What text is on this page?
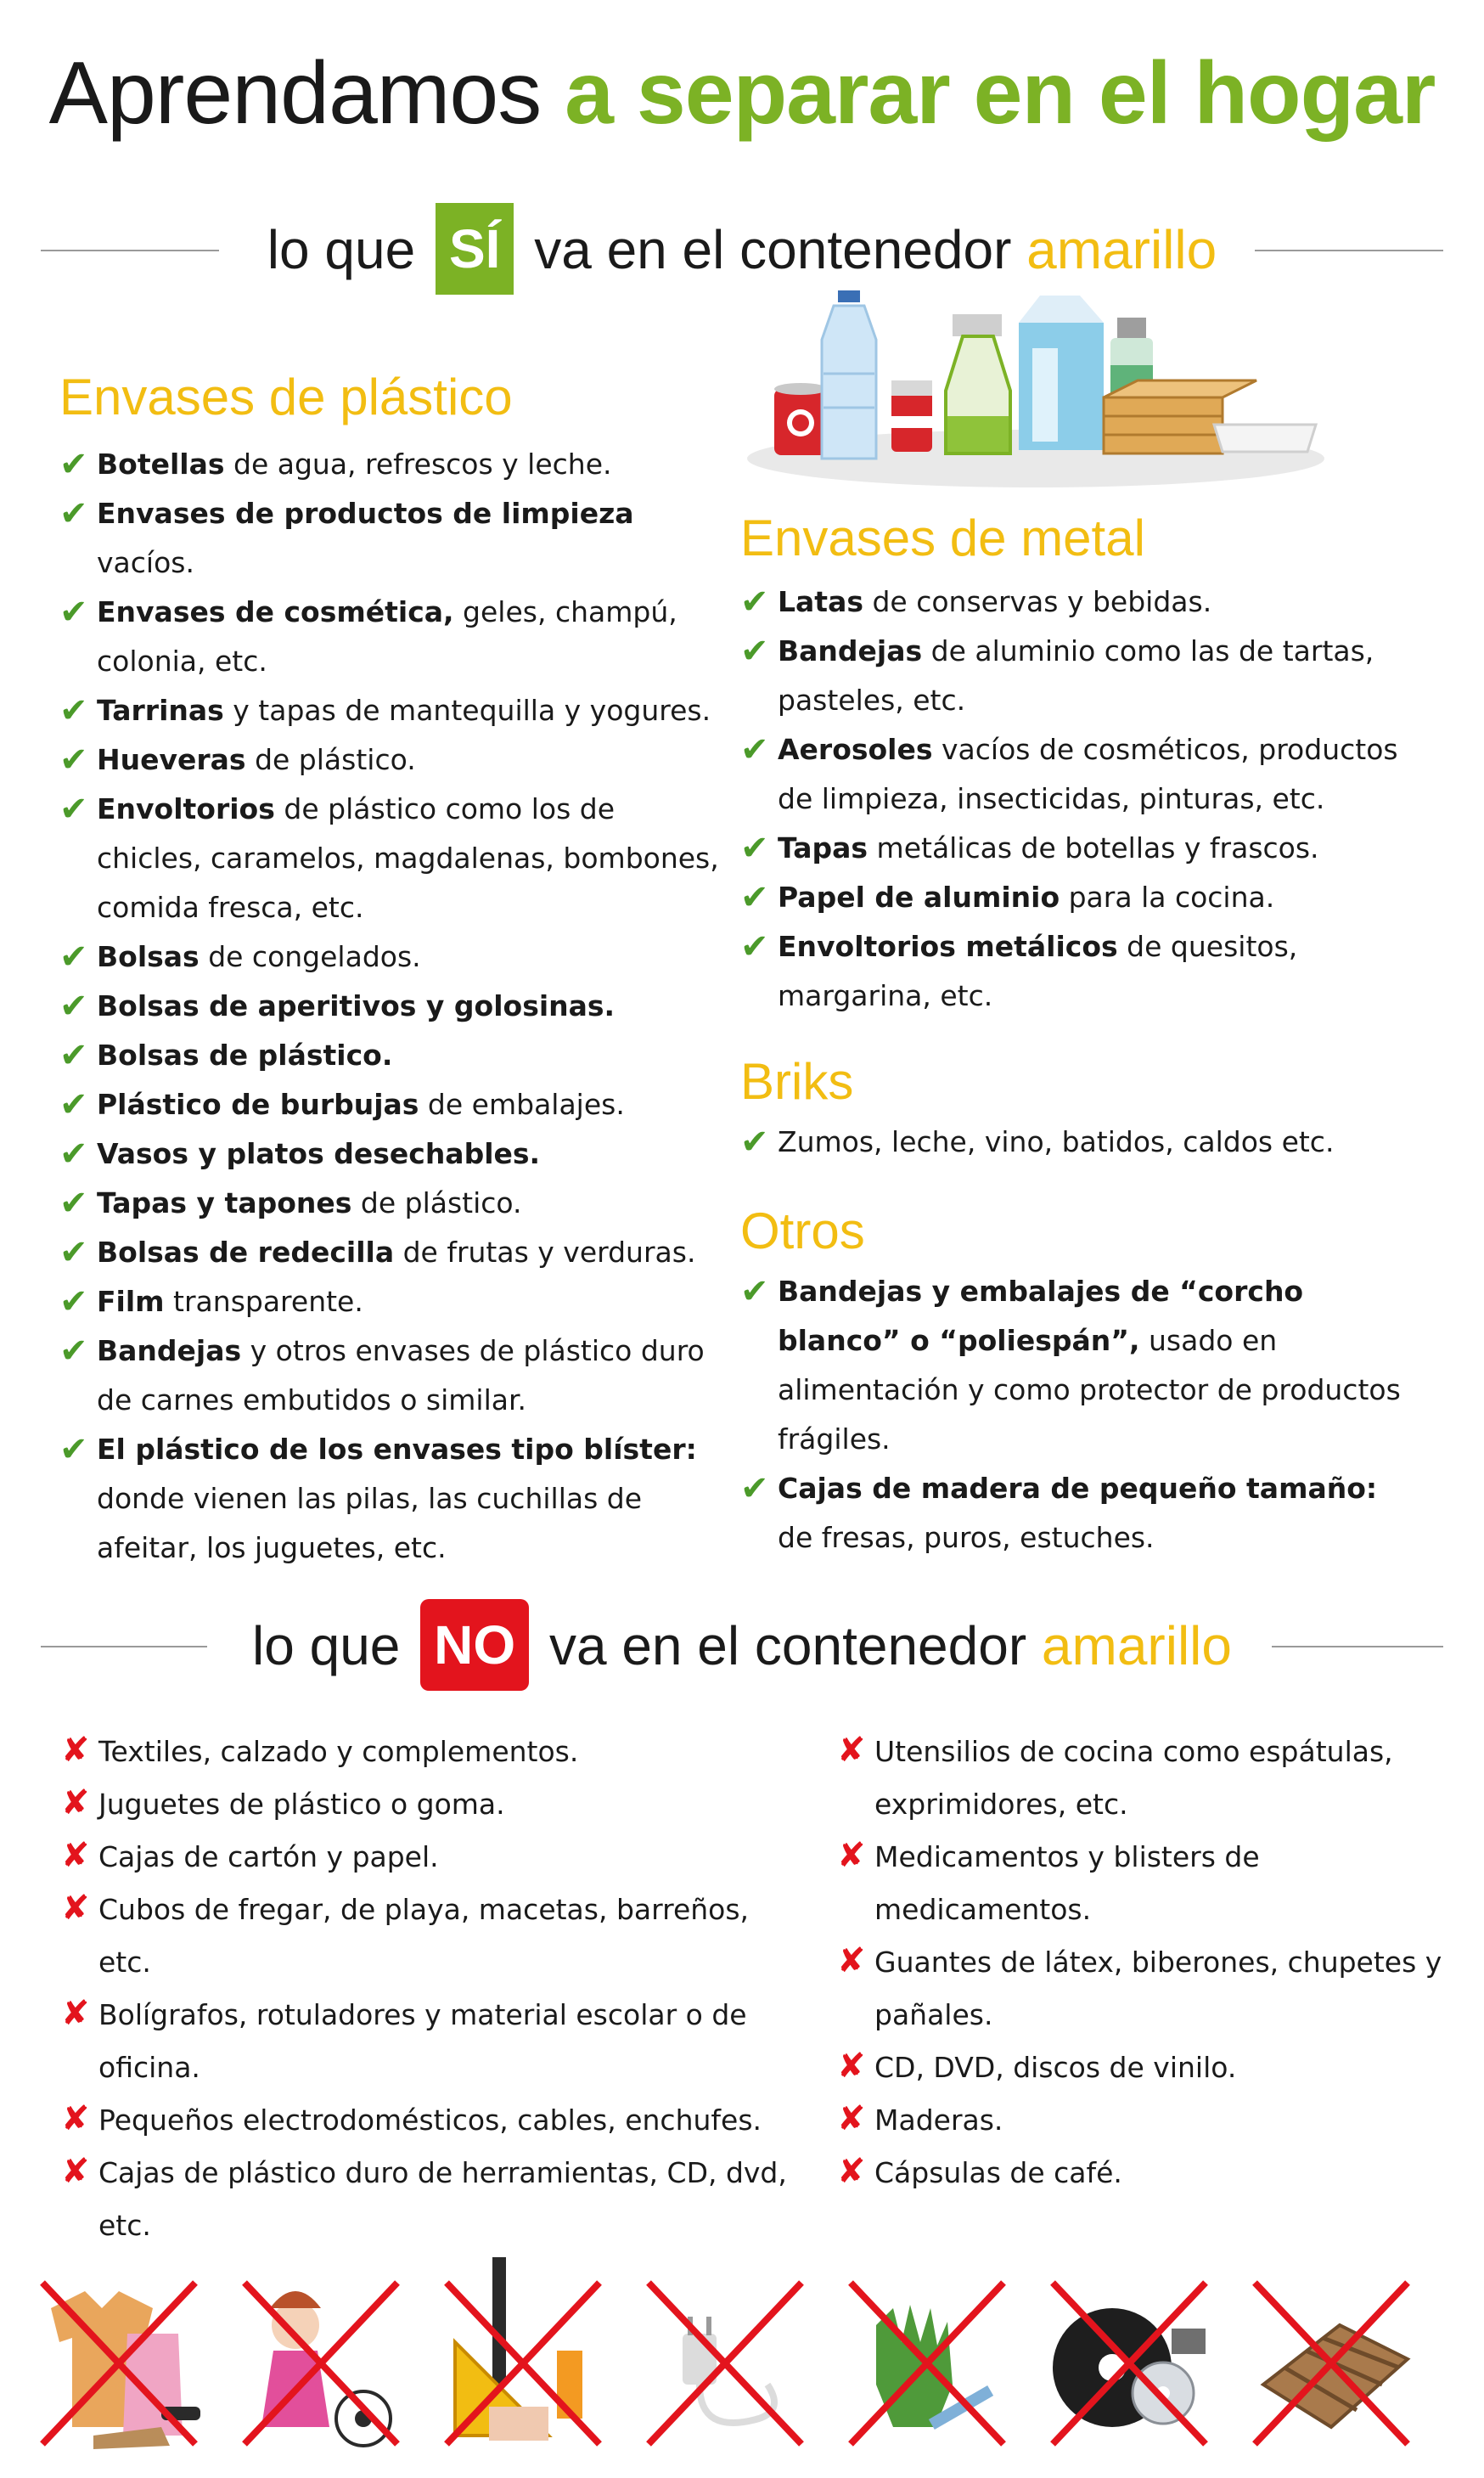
Aprendamos a separar en el hogar
lo que SÍ va en el contenedor amarillo
Envases de plástico
✔ Botellas de agua, refrescos y leche.
✔ Envases de productos de limpieza vacíos.
✔ Envases de cosmética, geles, champú, colonia, etc.
✔ Tarrinas y tapas de mantequilla y yogures.
✔ Hueveras de plástico.
✔ Envoltorios de plástico como los de chicles, caramelos, magdalenas, bombones, comida fresca, etc.
✔ Bolsas de congelados.
✔ Bolsas de aperitivos y golosinas.
✔ Bolsas de plástico.
✔ Plástico de burbujas de embalajes.
✔ Vasos y platos desechables.
✔ Tapas y tapones de plástico.
✔ Bolsas de redecilla de frutas y verduras.
✔ Film transparente.
✔ Bandejas y otros envases de plástico duro de carnes embutidos o similar.
✔ El plástico de los envases tipo blíster: donde vienen las pilas, las cuchillas de afeitar, los juguetes, etc.
Envases de metal
✔ Latas de conservas y bebidas.
✔ Bandejas de aluminio como las de tartas, pasteles, etc.
✔ Aerosoles vacíos de cosméticos, productos de limpieza, insecticidas, pinturas, etc.
✔ Tapas metálicas de botellas y frascos.
✔ Papel de aluminio para la cocina.
✔ Envoltorios metálicos de quesitos, margarina, etc.
Briks
✔ Zumos, leche, vino, batidos, caldos etc.
Otros
✔ Bandejas y embalajes de “corcho blanco” o “poliespán”, usado en alimentación y como protector de productos frágiles.
✔ Cajas de madera de pequeño tamaño: de fresas, puros, estuches.
lo que NO va en el contenedor amarillo
✘ Textiles, calzado y complementos.
✘ Juguetes de plástico o goma.
✘ Cajas de cartón y papel.
✘ Cubos de fregar, de playa, macetas, barreños, etc.
✘ Bolígrafos, rotuladores y material escolar o de oficina.
✘ Pequeños electrodomésticos, cables, enchufes.
✘ Cajas de plástico duro de herramientas, CD, dvd, etc.
✘ Utensilios de cocina como espátulas, exprimidores, etc.
✘ Medicamentos y blisters de medicamentos.
✘ Guantes de látex, biberones, chupetes y pañales.
✘ CD, DVD, discos de vinilo.
✘ Maderas.
✘ Cápsulas de café.
